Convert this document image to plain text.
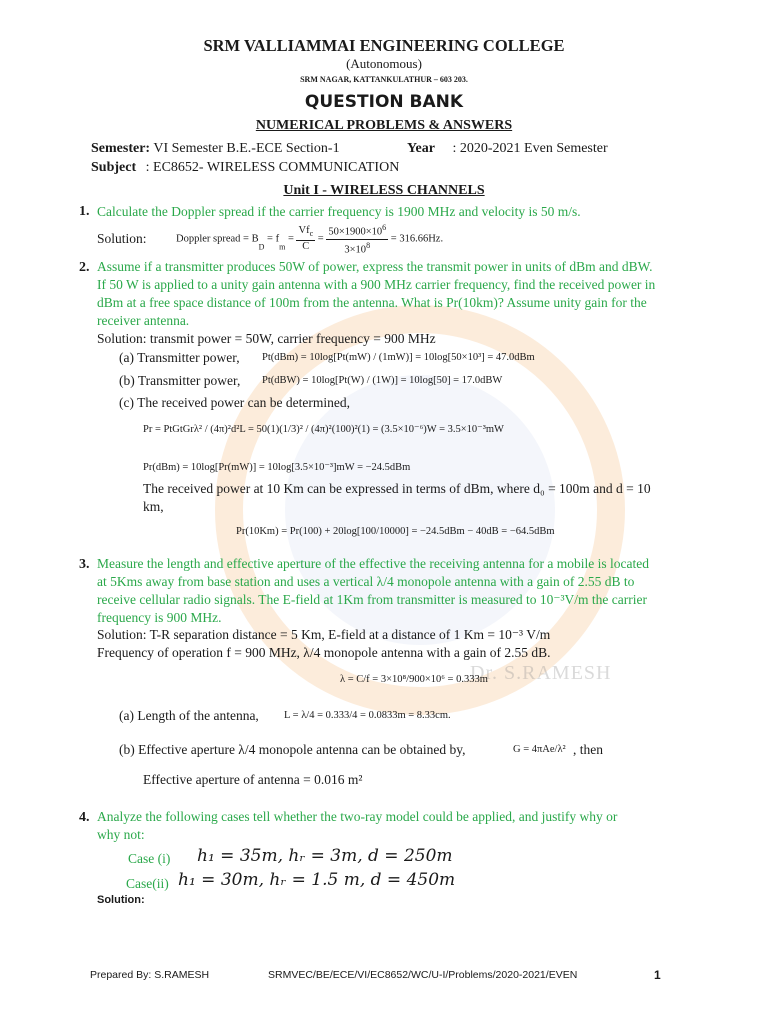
Dr. S.RAMESH
SRM VALLIAMMAI ENGINEERING COLLEGE
(Autonomous)
SRM NAGAR, KATTANKULATHUR – 603 203.
QUESTION BANK
NUMERICAL PROBLEMS & ANSWERS
Semester: VI Semester B.E.-ECE Section-1	Year : 2020-2021 Even Semester
Subject : EC8652- WIRELESS COMMUNICATION
Unit I - WIRELESS CHANNELS
1. Calculate the Doppler spread if the carrier frequency is 1900 MHz and velocity is 50 m/s.
Solution:	Doppler spread = $B_D = f_m = \frac{Vf_c}{C} = \frac{50\times 1900\times 10^6}{3\times 10^8} = 316.66Hz$.
2. Assume if a transmitter produces 50W of power, express the transmit power in units of dBm and dBW.
If 50 W is applied to a unity gain antenna with a 900 MHz carrier frequency, find the received power in
dBm at a free space distance of 100m from the antenna. What is Pr(10km)? Assume unity gain for the
receiver antenna.
Solution: transmit power = 50W, carrier frequency = 900 MHz
(a) Transmitter power, Pt(dBm) = 10log[Pt(mW) / (1mW)] = 10log[50×10³] = 47.0dBm
(b) Transmitter power, Pt(dBW) = 10log[Pt(W) / (1W)] = 10log[50] = 17.0dBW
(c) The received power can be determined,
Pr = PtGtGrλ² / (4π)²d²L = 50(1)(1/3)² / (4π)²(100)²(1) = (3.5×10⁻⁶)W = 3.5×10⁻³mW
Pr(dBm) = 10log[Pr(mW)] = 10log[3.5×10⁻³]mW = −24.5dBm
The received power at 10 Km can be expressed in terms of dBm, where d₀ = 100m and d = 10
km,
Pr(10Km) = Pr(100) + 20log[100/10000] = −24.5dBm − 40dB = −64.5dBm
3. Measure the length and effective aperture of the effective the receiving antenna for a mobile is located
at 5Kms away from base station and uses a vertical λ/4 monopole antenna with a gain of 2.55 dB to
receive cellular radio signals. The E-field at 1Km from transmitter is measured to 10⁻³V/m the carrier
frequency is 900 MHz.
Solution: T-R separation distance = 5 Km, E-field at a distance of 1 Km = 10⁻³ V/m
Frequency of operation f = 900 MHz, λ/4 monopole antenna with a gain of 2.55 dB.
λ = C/f = 3×10⁸/900×10⁶ = 0.333m
(a) Length of the antenna, L = λ/4 = 0.333/4 = 0.0833m = 8.33cm.
(b) Effective aperture λ/4 monopole antenna can be obtained by,	G = 4πAe/λ² , then
Effective aperture of antenna = 0.016 m²
4. Analyze the following cases tell whether the two-ray model could be applied, and justify why or
why not:
Case (i) h₁ = 35m, hᵣ = 3m, d = 250m
Case(ii) h₁ = 30m, hᵣ = 1.5 m, d = 450m
Solution:
Prepared By: S.RAMESH	SRMVEC/BE/ECE/VI/EC8652/WC/U-I/Problems/2020-2021/EVEN	1
